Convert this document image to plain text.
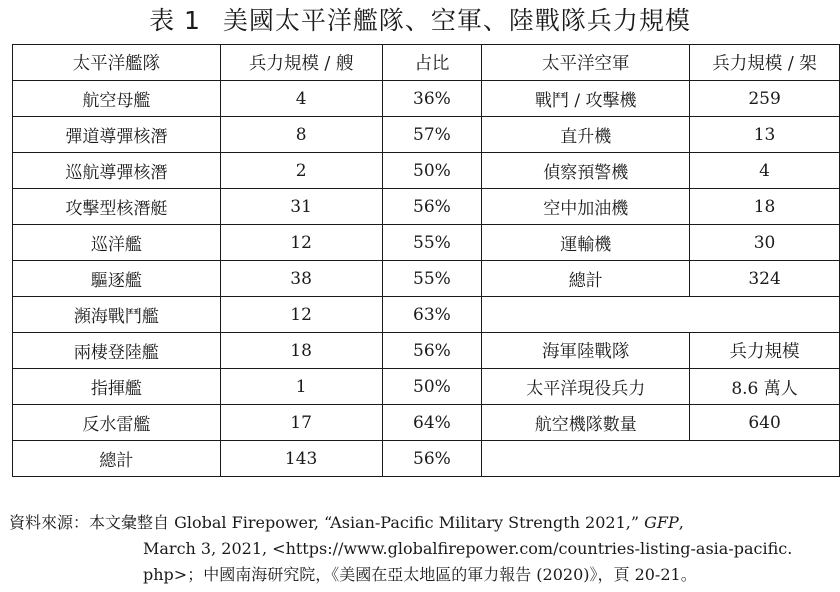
表 1 美國太平洋艦隊、空軍、陸戰隊兵力規模
太平洋艦隊	兵力規模 / 艘	占比	太平洋空軍	兵力規模 / 架
航空母艦	4	36%	戰鬥 / 攻擊機	259
彈道導彈核潛	8	57%	直升機	13
巡航導彈核潛	2	50%	偵察預警機	4
攻擊型核潛艇	31	56%	空中加油機	18
巡洋艦	12	55%	運輸機	30
驅逐艦	38	55%	總計	324
瀕海戰鬥艦	12	63%		
兩棲登陸艦	18	56%	海軍陸戰隊	兵力規模
指揮艦	1	50%	太平洋現役兵力	8.6 萬人
反水雷艦	17	64%	航空機隊數量	640
總計	143	56%		
資料來源：本文彙整自 Global Firepower, “Asian-Pacific Military Strength 2021,” GFP,
March 3, 2021, <https://www.globalfirepower.com/countries-listing-asia-pacific.
php>；中國南海研究院，《美國在亞太地區的軍力報告 (2020)》，頁 20-21。
